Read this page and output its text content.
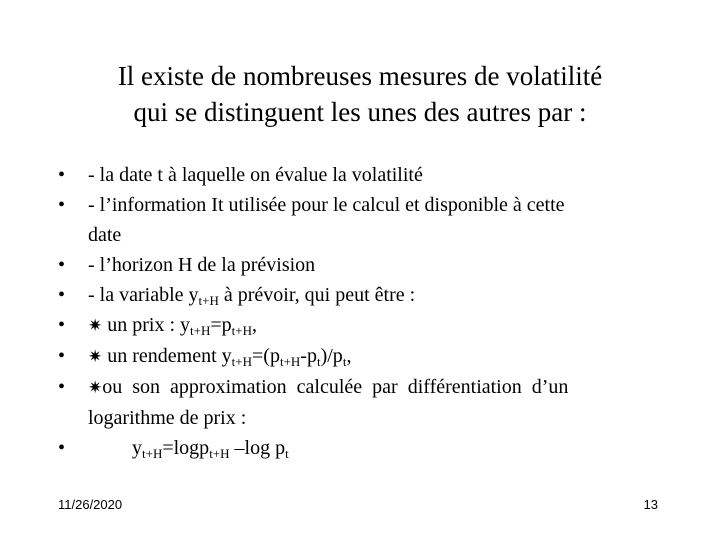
Il existe de nombreuses mesures de volatilité
qui se distinguent les unes des autres par :
•	- la date t à laquelle on évalue la volatilité
•	- l’information It utilisée pour le calcul et disponible à cette
date
•	- l’horizon H de la prévision
•	- la variable $y_{t+H}$ à prévoir, qui peut être :
•	✷ un prix : $y_{t+H}=p_{t+H}$,
•	✷ un rendement $y_{t+H}=(p_{t+H}-p_t)/p_t$,
•	✷ou son approximation calculée par différentiation d’un
logarithme de prix :
•	$y_{t+H}=\log p_{t+H}$ –log $p_t$
11/26/2020	13
